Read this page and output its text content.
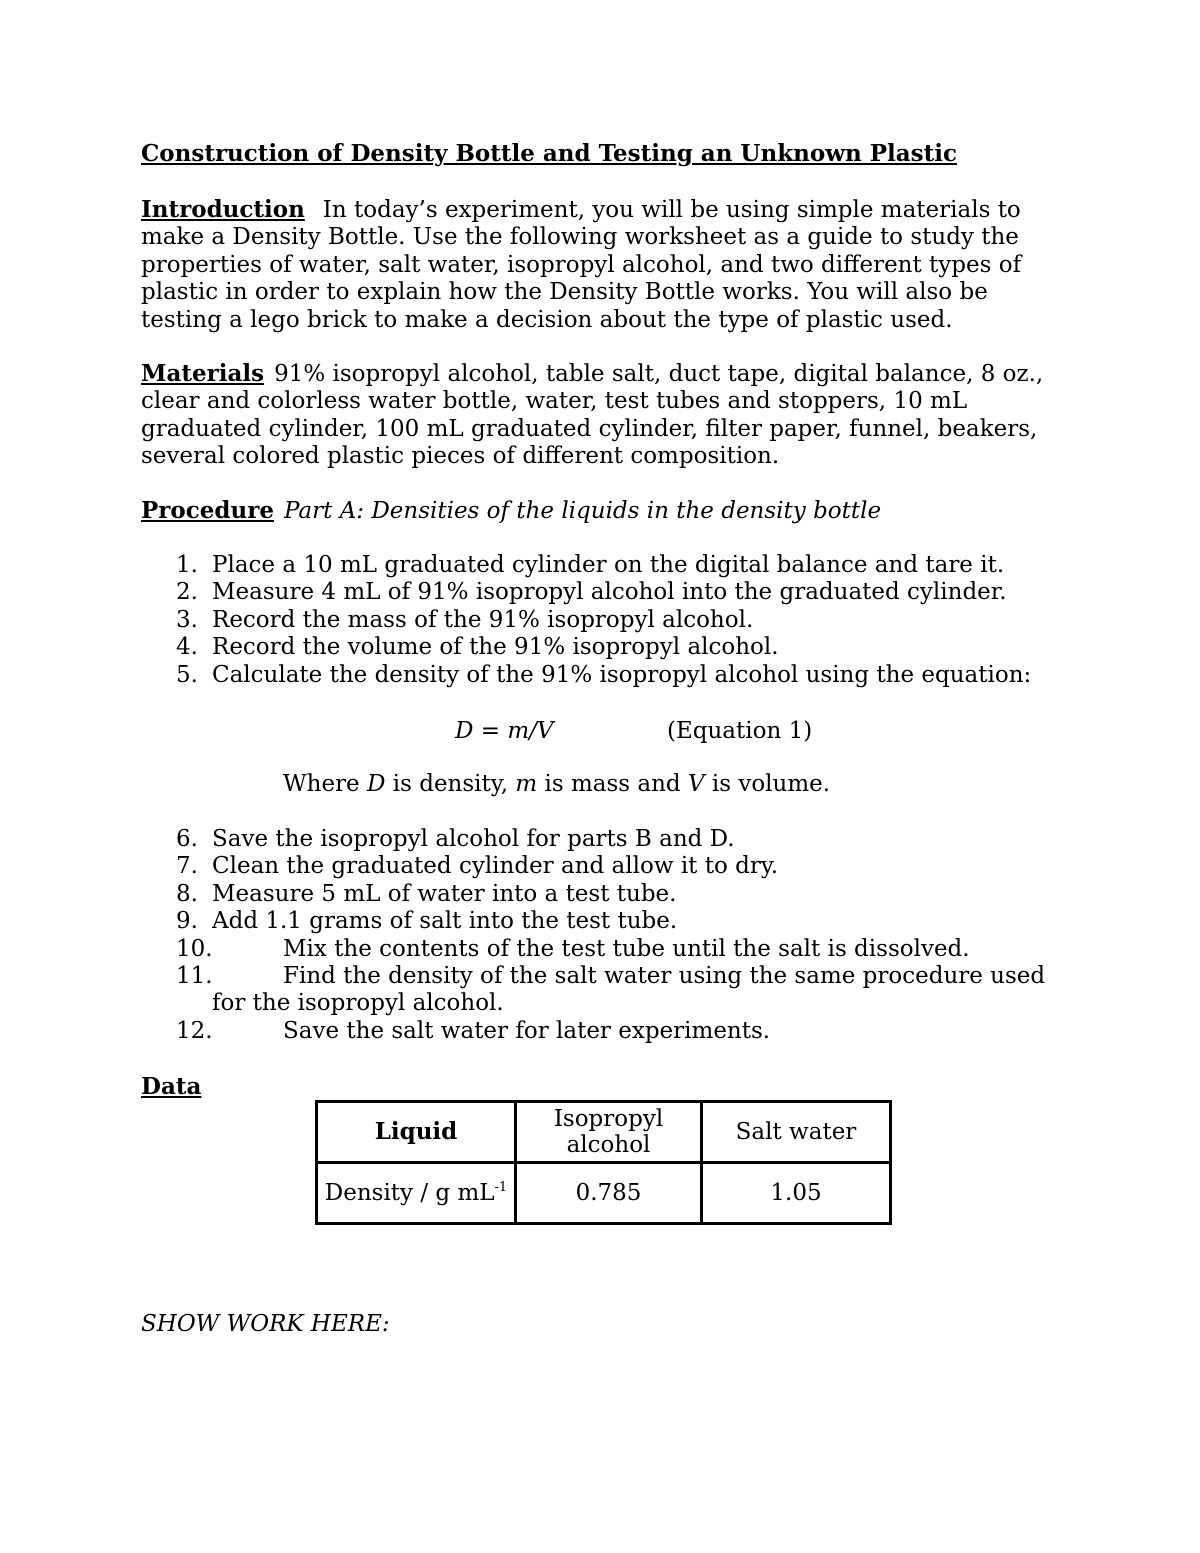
Construction of Density Bottle and Testing an Unknown Plastic

Introduction In today’s experiment, you will be using simple materials to make a Density Bottle. Use the following worksheet as a guide to study the properties of water, salt water, isopropyl alcohol, and two different types of plastic in order to explain how the Density Bottle works. You will also be testing a lego brick to make a decision about the type of plastic used.

Materials 91% isopropyl alcohol, table salt, duct tape, digital balance, 8 oz., clear and colorless water bottle, water, test tubes and stoppers, 10 mL graduated cylinder, 100 mL graduated cylinder, filter paper, funnel, beakers, several colored plastic pieces of different composition.

Procedure Part A: Densities of the liquids in the density bottle

1. Place a 10 mL graduated cylinder on the digital balance and tare it.
2. Measure 4 mL of 91% isopropyl alcohol into the graduated cylinder.
3. Record the mass of the 91% isopropyl alcohol.
4. Record the volume of the 91% isopropyl alcohol.
5. Calculate the density of the 91% isopropyl alcohol using the equation:
D = m/V	(Equation 1)
Where D is density, m is mass and V is volume.
6. Save the isopropyl alcohol for parts B and D.
7. Clean the graduated cylinder and allow it to dry.
8. Measure 5 mL of water into a test tube.
9. Add 1.1 grams of salt into the test tube.
10.	Mix the contents of the test tube until the salt is dissolved.
11.	Find the density of the salt water using the same procedure used for the isopropyl alcohol.
12.	Save the salt water for later experiments.
Data
Liquid	Isopropyl alcohol	Salt water
Density / g $mL^{-1}$	0.785	1.05
SHOW WORK HERE:
